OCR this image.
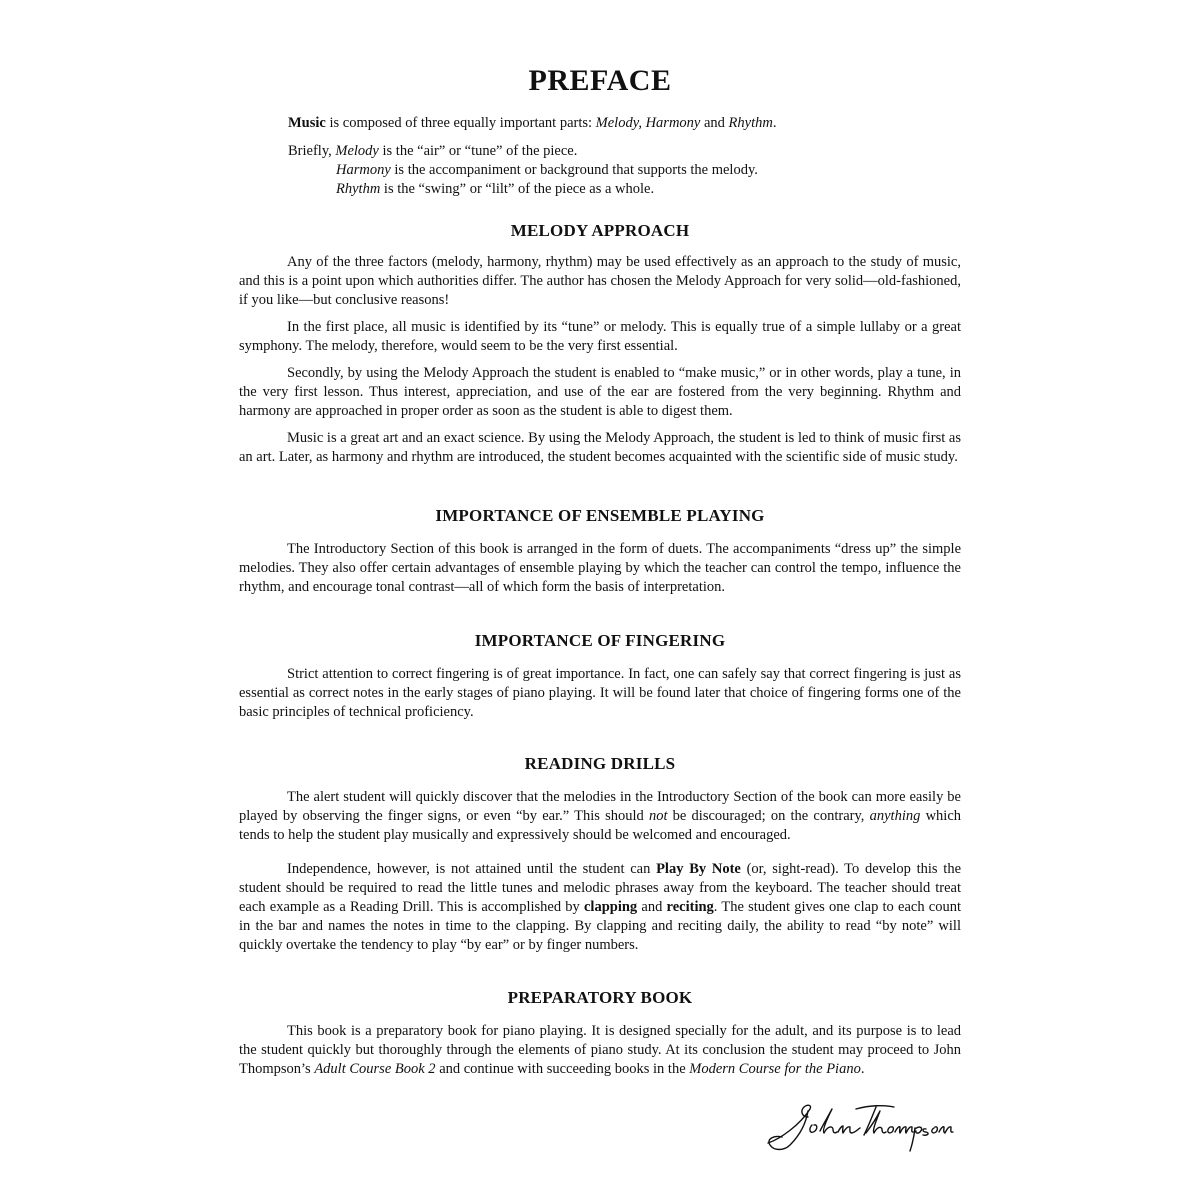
PREFACE

Music is composed of three equally important parts: Melody, Harmony and Rhythm.

Briefly, Melody is the “air” or “tune” of the piece.

Harmony is the accompaniment or background that supports the melody.

Rhythm is the “swing” or “lilt” of the piece as a whole.

MELODY APPROACH

Any of the three factors (melody, harmony, rhythm) may be used effectively as an approach to the study of music, and this is a point upon which authorities differ. The author has chosen the Melody Approach for very solid—old-fashioned, if you like—but conclusive reasons!

In the first place, all music is identified by its “tune” or melody. This is equally true of a simple lullaby or a great symphony. The melody, therefore, would seem to be the very first essential.

Secondly, by using the Melody Approach the student is enabled to “make music,” or in other words, play a tune, in the very first lesson. Thus interest, appreciation, and use of the ear are fostered from the very beginning. Rhythm and harmony are approached in proper order as soon as the student is able to digest them.

Music is a great art and an exact science. By using the Melody Approach, the student is led to think of music first as an art. Later, as harmony and rhythm are introduced, the student becomes acquainted with the scientific side of music study.

IMPORTANCE OF ENSEMBLE PLAYING

The Introductory Section of this book is arranged in the form of duets. The accompaniments “dress up” the simple melodies. They also offer certain advantages of ensemble playing by which the teacher can control the tempo, influence the rhythm, and encourage tonal contrast—all of which form the basis of interpretation.

IMPORTANCE OF FINGERING

Strict attention to correct fingering is of great importance. In fact, one can safely say that correct fingering is just as essential as correct notes in the early stages of piano playing. It will be found later that choice of fingering forms one of the basic principles of technical proficiency.

READING DRILLS

The alert student will quickly discover that the melodies in the Introductory Section of the book can more easily be played by observing the finger signs, or even “by ear.” This should not be discouraged; on the contrary, anything which tends to help the student play musically and expressively should be welcomed and encouraged.

Independence, however, is not attained until the student can Play By Note (or, sight-read). To develop this the student should be required to read the little tunes and melodic phrases away from the keyboard. The teacher should treat each example as a Reading Drill. This is accomplished by clapping and reciting. The student gives one clap to each count in the bar and names the notes in time to the clapping. By clapping and reciting daily, the ability to read “by note” will quickly overtake the tendency to play “by ear” or by finger numbers.

PREPARATORY BOOK

This book is a preparatory book for piano playing. It is designed specially for the adult, and its purpose is to lead the student quickly but thoroughly through the elements of piano study. At its conclusion the student may proceed to John Thompson’s Adult Course Book 2 and continue with succeeding books in the Modern Course for the Piano.
